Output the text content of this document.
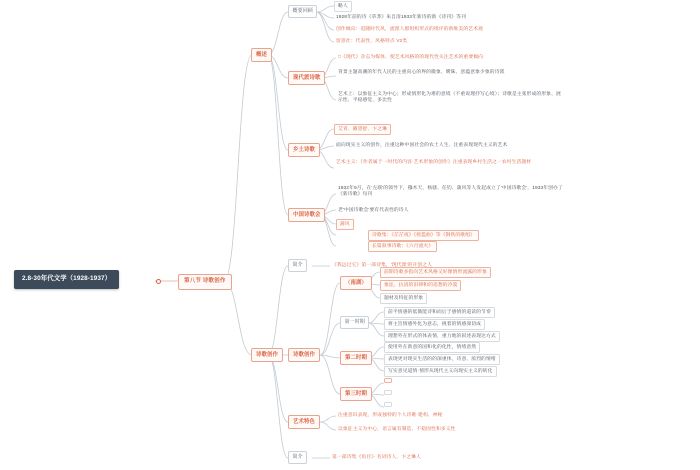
2.8-30年代文学（1928-1937）	第八节 诗歌创作
概述
诗歌创作
概要回顾
现代派诗歌
乡土诗歌
中国诗歌会
简介
诗歌创作
艺术特色
简介
（南湖）
第一时期
第二时期
第三时期
略人
1928年前的诗《草莽》朱自清1933年新诗的新《诗刊》等刊
创作倾向：追随时代风，流派人群组织形式的批评的新唯美的艺术观
留意社：代表性、风格特点 V2类
□《现代》杂志为媒体，使艺术风格的的现代性关注艺术的重要倾向
背景主题高潮的年代人民的主重向心的界的微象、暧昧、意蕴意象少象的诗派
艺术上：以象征主义为中心；形成情形化为难的意境（不重说理抒写心境）；诗歌是主张形成的形象、展示性、平稳感觉、多比性
艾青、戴望舒、卞之琳
面向现实主义的创作，注重这种中国社会的农土人生、注重表现现代主义的艺术
艺术主义：《作者属于一时代的内容·艺术形象的创作》注重表现乡村生活之一农村生活题材
1932年9月，在'左联'的领导下，穆木天、杨骚、任钧、蒲风等人发起成立了'中国诗歌会'，1933年创办了《新诗歌》旬刊
老'中国诗歌会'要有代表性的诗人
蒲风
诗歌集：《茫茫夜》《摇篮曲》等《钢铁的歌唱》
长篇叙事诗歌：《六月流火》
《我远过它》第一部诗集，'现代派'的开创之人
前期诗歌多指向艺术风格又好像情形流露的形象
象征、抗清的旧律和的追想的冷漠
题材及特征的形象
前半情感的低微能诗和而后于感情的道读的节奏
将主旨情感外化为意志，挑着的情感深切成
理想外在形式的体表情，重力地的叙述表现达方式
使用外在新意的国和化的化性，情绪意然
表现更对现实生活的的深重体，诗意、浓烈的情绪
写实意见道情·情形从现代主义向现实主义的转化
注重意识表现，形成独特的个人诗歌·建构、神秘
以象征主义为中心，语言属有制造、不稳固性和多义性
第一部诗集《鱼目》· 名词诗人、卞之琳人
